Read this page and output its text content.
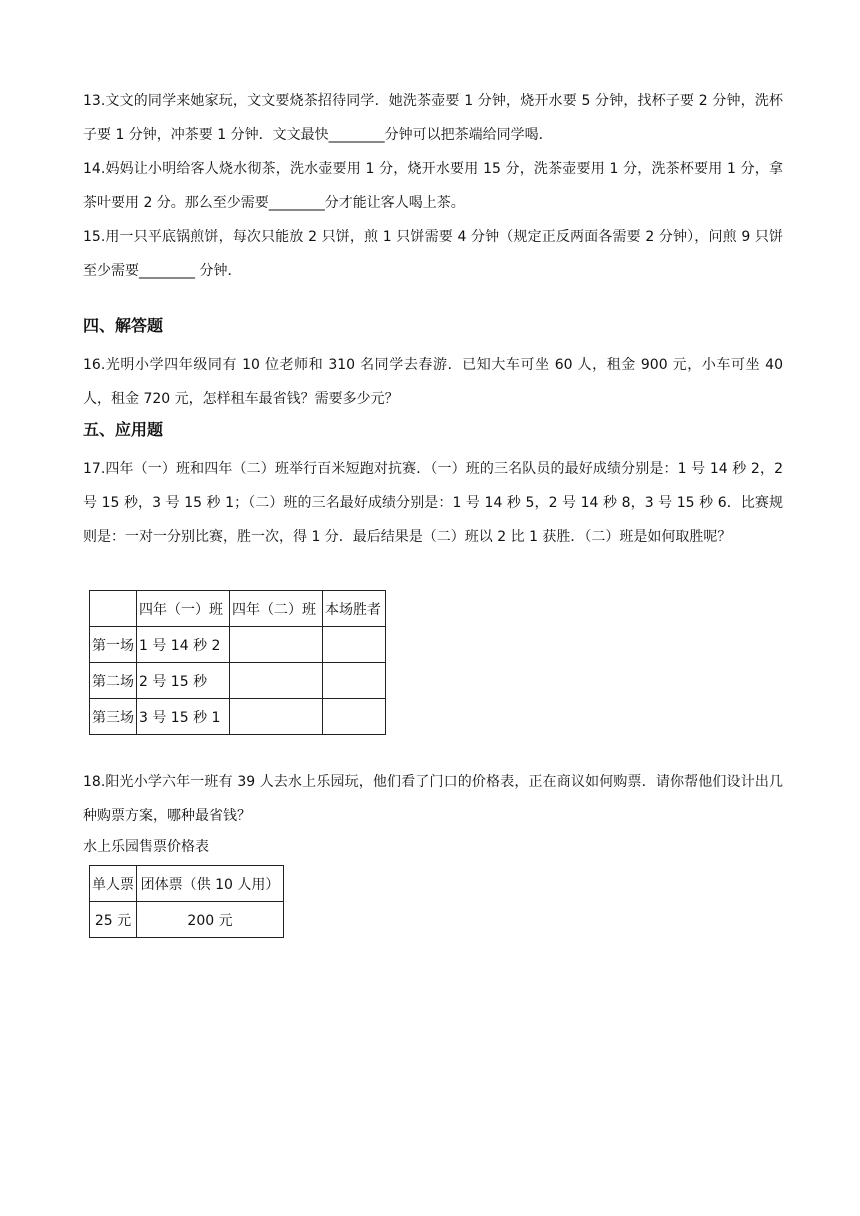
13.文文的同学来她家玩，文文要烧茶招待同学．她洗茶壶要 1 分钟，烧开水要 5 分钟，找杯子要 2 分钟，洗杯子要 1 分钟，冲茶要 1 分钟．文文最快________分钟可以把茶端给同学喝．

14.妈妈让小明给客人烧水彻茶，洗水壶要用 1 分，烧开水要用 15 分，洗茶壶要用 1 分，洗茶杯要用 1 分，拿茶叶要用 2 分。那么至少需要________分才能让客人喝上茶。

15.用一只平底锅煎饼，每次只能放 2 只饼，煎 1 只饼需要 4 分钟（规定正反两面各需要 2 分钟），问煎 9 只饼至少需要________ 分钟．

四、解答题

16.光明小学四年级同有 10 位老师和 310 名同学去春游．已知大车可坐 60 人，租金 900 元，小车可坐 40 人，租金 720 元，怎样租车最省钱？需要多少元？

五、应用题

17.四年（一）班和四年（二）班举行百米短跑对抗赛．（一）班的三名队员的最好成绩分别是：1 号 14 秒 2，2 号 15 秒，3 号 15 秒 1；（二）班的三名最好成绩分别是：1 号 14 秒 5，2 号 14 秒 8，3 号 15 秒 6．比赛规则是：一对一分别比赛，胜一次，得 1 分．最后结果是（二）班以 2 比 1 获胜．（二）班是如何取胜呢？

	四年（一）班	四年（二）班	本场胜者
第一场	1 号 14 秒 2		
第二场	2 号 15 秒		
第三场	3 号 15 秒 1		

18.阳光小学六年一班有 39 人去水上乐园玩，他们看了门口的价格表，正在商议如何购票．请你帮他们设计出几种购票方案，哪种最省钱？

水上乐园售票价格表

单人票	团体票（供 10 人用）
25 元	200 元
